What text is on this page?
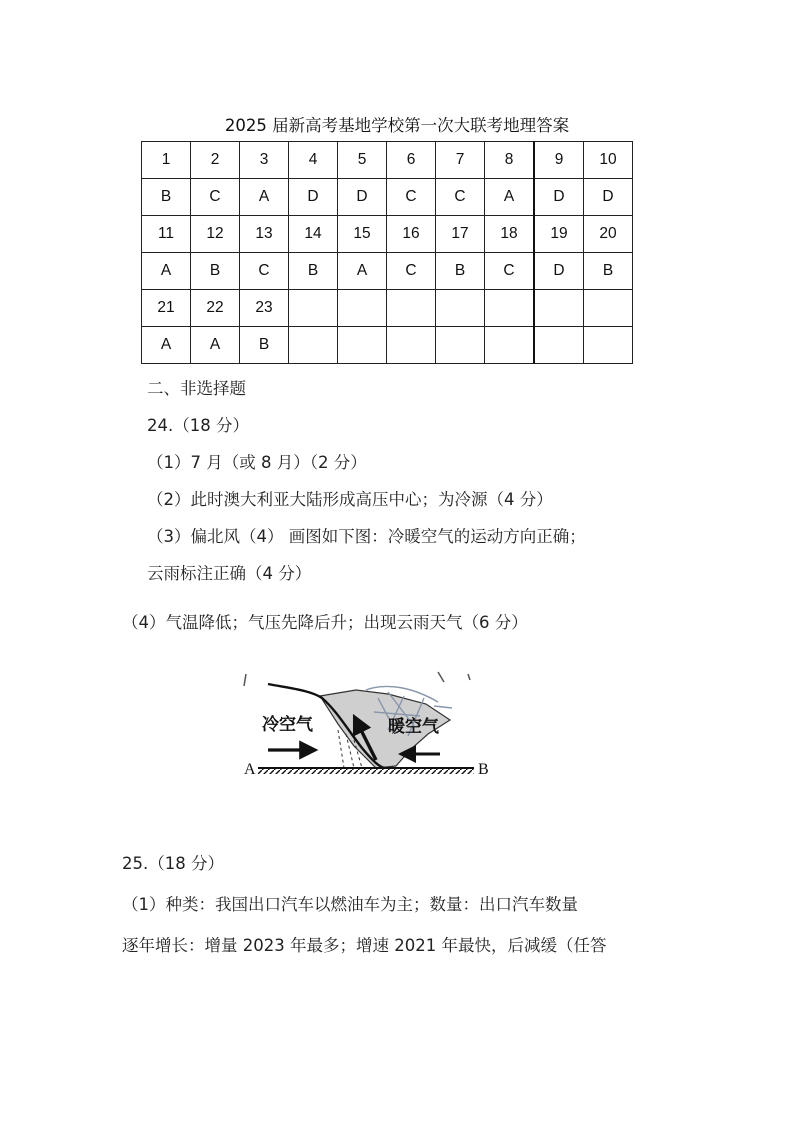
2025 届新高考基地学校第一次大联考地理答案
1	2	3	4	5	6	7	8	9	10
B	C	A	D	D	C	C	A	D	D
11	12	13	14	15	16	17	18	19	20
A	B	C	B	A	C	B	C	D	B
21	22	23							
A	A	B							
二、非选择题
24.（18 分）
（1）7 月（或 8 月）（2 分）
（2）此时澳大利亚大陆形成高压中心；为冷源（4 分）
（3）偏北风（4） 画图如下图：冷暖空气的运动方向正确；
云雨标注正确（4 分）
（4）气温降低；气压先降后升；出现云雨天气（6 分）
冷空气	暖空气
A	B
25.（18 分）
（1）种类：我国出口汽车以燃油车为主；数量：出口汽车数量
逐年增长：增量 2023 年最多；增速 2021 年最快，后减缓（任答
